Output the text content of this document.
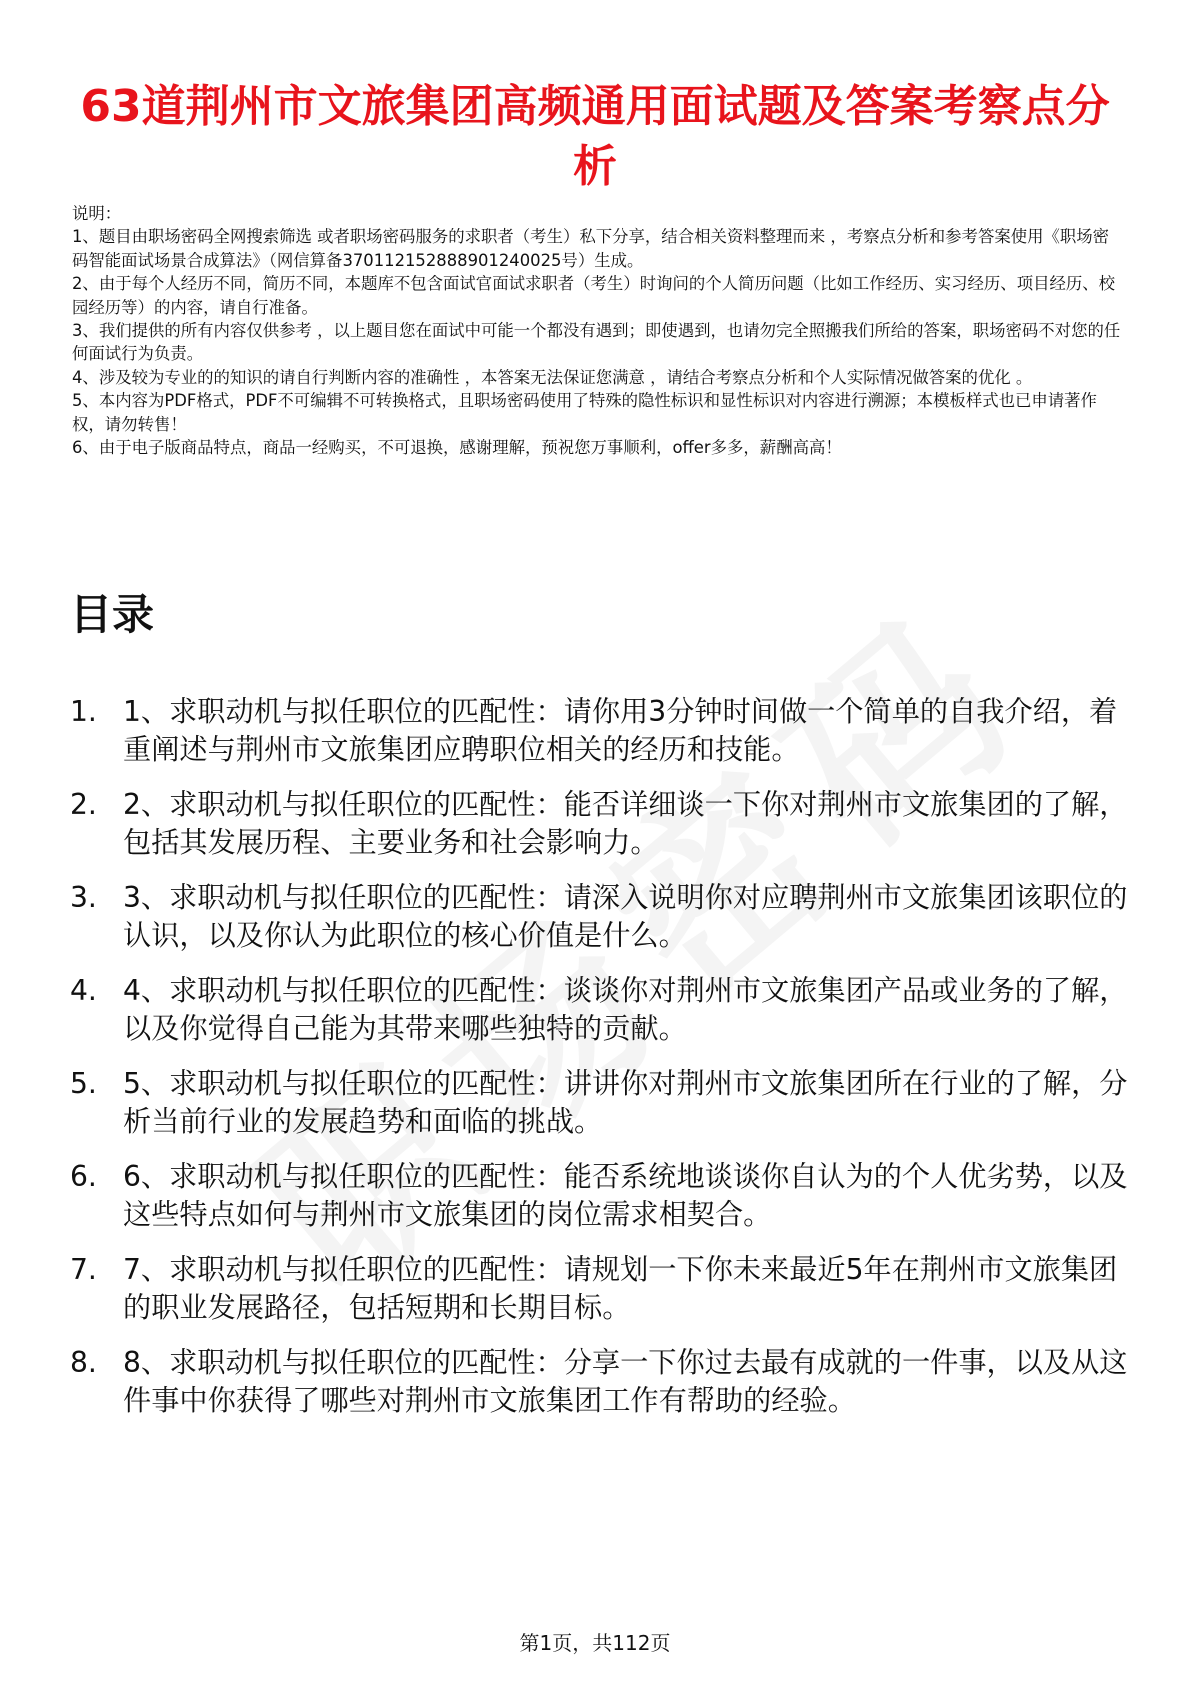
63道荆州市文旅集团高频通用面试题及答案考察点分析

说明：

1、题目由职场密码全网搜索筛选 或者职场密码服务的求职者（考生）私下分享，结合相关资料整理而来 ，考察点分析和参考答案使用《职场密码智能面试场景合成算法》（网信算备370112152888901240025号）生成。

2、由于每个人经历不同，简历不同，本题库不包含面试官面试求职者（考生）时询问的个人简历问题（比如工作经历、实习经历、项目经历、校园经历等）的内容，请自行准备。

3、我们提供的所有内容仅供参考 ，以上题目您在面试中可能一个都没有遇到；即使遇到，也请勿完全照搬我们所给的答案，职场密码不对您的任何面试行为负责。

4、涉及较为专业的的知识的请自行判断内容的准确性 ，本答案无法保证您满意 ，请结合考察点分析和个人实际情况做答案的优化 。

5、本内容为PDF格式，PDF不可编辑不可转换格式，且职场密码使用了特殊的隐性标识和显性标识对内容进行溯源；本模板样式也已申请著作权，请勿转售！

6、由于电子版商品特点，商品一经购买，不可退换，感谢理解，预祝您万事顺利，offer多多，薪酬高高！

目录
1. 1、求职动机与拟任职位的匹配性：请你用3分钟时间做一个简单的自我介绍，着重阐述与荆州市文旅集团应聘职位相关的经历和技能。
2. 2、求职动机与拟任职位的匹配性：能否详细谈一下你对荆州市文旅集团的了解，包括其发展历程、主要业务和社会影响力。
3. 3、求职动机与拟任职位的匹配性：请深入说明你对应聘荆州市文旅集团该职位的认识，以及你认为此职位的核心价值是什么。
4. 4、求职动机与拟任职位的匹配性：谈谈你对荆州市文旅集团产品或业务的了解，以及你觉得自己能为其带来哪些独特的贡献。
5. 5、求职动机与拟任职位的匹配性：讲讲你对荆州市文旅集团所在行业的了解，分析当前行业的发展趋势和面临的挑战。
6. 6、求职动机与拟任职位的匹配性：能否系统地谈谈你自认为的个人优劣势，以及这些特点如何与荆州市文旅集团的岗位需求相契合。
7. 7、求职动机与拟任职位的匹配性：请规划一下你未来最近5年在荆州市文旅集团的职业发展路径，包括短期和长期目标。
8. 8、求职动机与拟任职位的匹配性：分享一下你过去最有成就的一件事，以及从这件事中你获得了哪些对荆州市文旅集团工作有帮助的经验。
第1页，共112页
